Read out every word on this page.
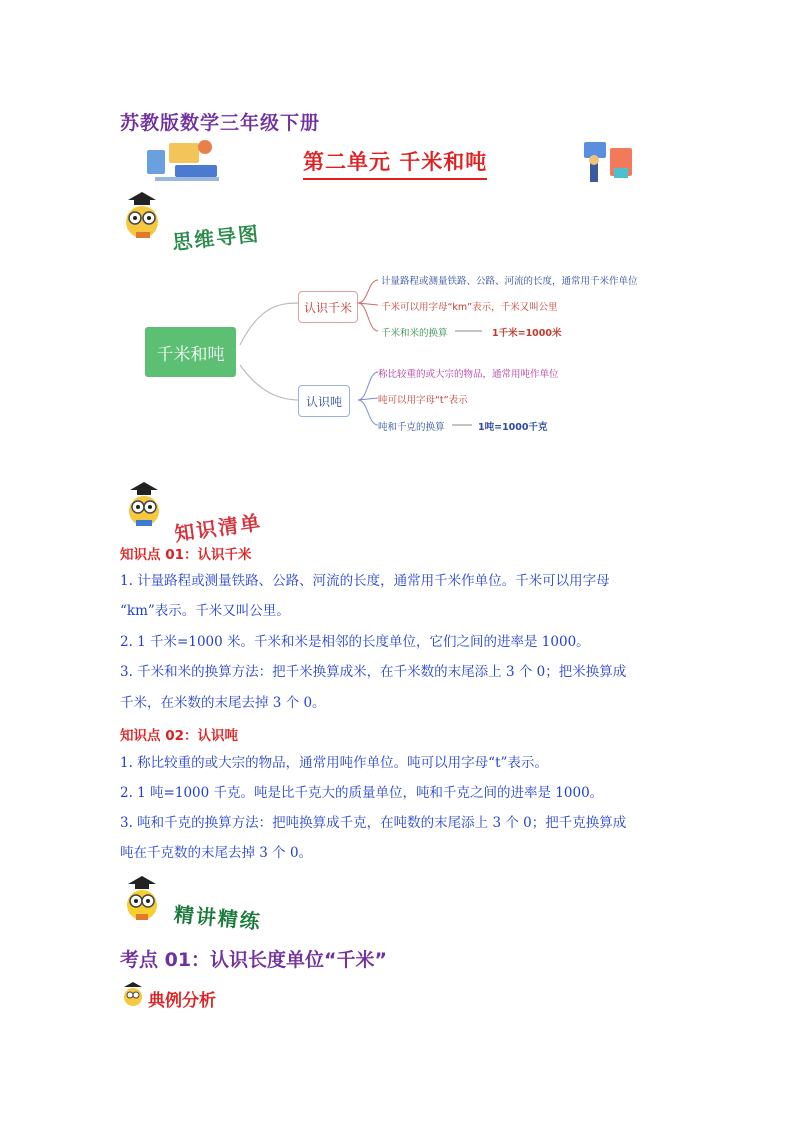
苏教版数学三年级下册
第二单元 千米和吨
思维导图
千米和吨
认识千米
认识吨
计量路程或测量铁路、公路、河流的长度，通常用千米作单位
千米可以用字母“km”表示，千米又叫公里
千米和米的换算	1千米=1000米
称比较重的或大宗的物品，通常用吨作单位
吨可以用字母“t”表示
吨和千克的换算	1吨=1000千克
知识清单
知识点 01：认识千米
1. 计量路程或测量铁路、公路、河流的长度，通常用千米作单位。千米可以用字母
“km”表示。千米又叫公里。
2. 1 千米=1000 米。千米和米是相邻的长度单位，它们之间的进率是 1000。
3. 千米和米的换算方法：把千米换算成米，在千米数的末尾添上 3 个 0；把米换算成
千米，在米数的末尾去掉 3 个 0。
知识点 02：认识吨
1. 称比较重的或大宗的物品，通常用吨作单位。吨可以用字母“t”表示。
2. 1 吨=1000 千克。吨是比千克大的质量单位，吨和千克之间的进率是 1000。
3. 吨和千克的换算方法：把吨换算成千克，在吨数的末尾添上 3 个 0；把千克换算成
吨在千克数的末尾去掉 3 个 0。
精讲精练
考点 01：认识长度单位“千米”
典例分析
